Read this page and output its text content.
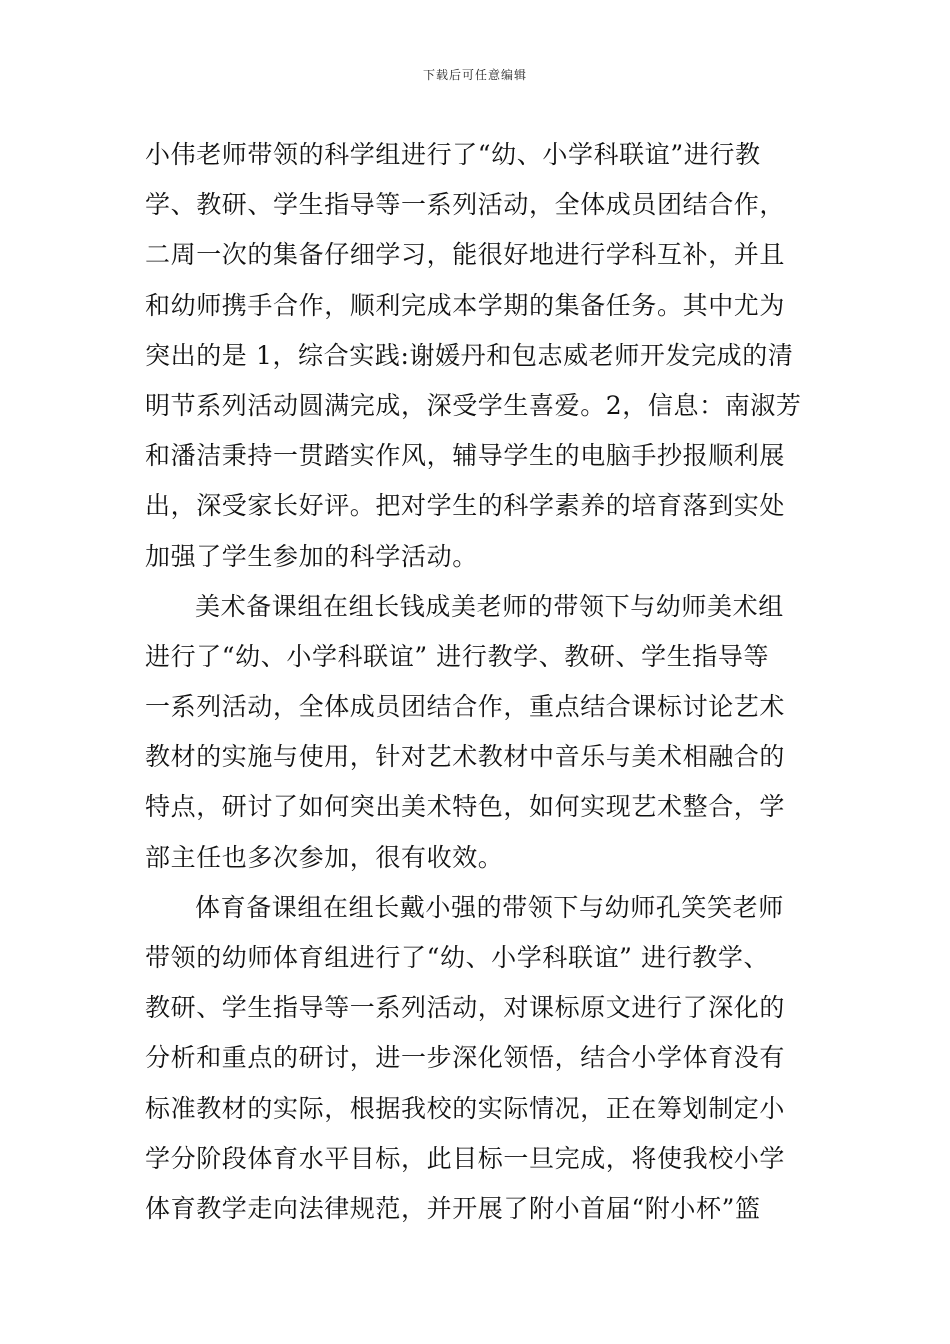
下载后可任意编辑
小伟老师带领的科学组进行了“幼、小学科联谊”进行教
学、教研、学生指导等一系列活动，全体成员团结合作，
二周一次的集备仔细学习，能很好地进行学科互补，并且
和幼师携手合作，顺利完成本学期的集备任务。其中尤为
突出的是 1，综合实践:谢媛丹和包志威老师开发完成的清
明节系列活动圆满完成，深受学生喜爱。2，信息：南淑芳
和潘洁秉持一贯踏实作风，辅导学生的电脑手抄报顺利展
出，深受家长好评。把对学生的科学素养的培育落到实处
加强了学生参加的科学活动。
美术备课组在组长钱成美老师的带领下与幼师美术组
进行了“幼、小学科联谊” 进行教学、教研、学生指导等
一系列活动，全体成员团结合作，重点结合课标讨论艺术
教材的实施与使用，针对艺术教材中音乐与美术相融合的
特点，研讨了如何突出美术特色，如何实现艺术整合，学
部主任也多次参加，很有收效。
体育备课组在组长戴小强的带领下与幼师孔笑笑老师
带领的幼师体育组进行了“幼、小学科联谊” 进行教学、
教研、学生指导等一系列活动，对课标原文进行了深化的
分析和重点的研讨，进一步深化领悟，结合小学体育没有
标准教材的实际，根据我校的实际情况，正在筹划制定小
学分阶段体育水平目标，此目标一旦完成，将使我校小学
体育教学走向法律规范，并开展了附小首届“附小杯”篮
